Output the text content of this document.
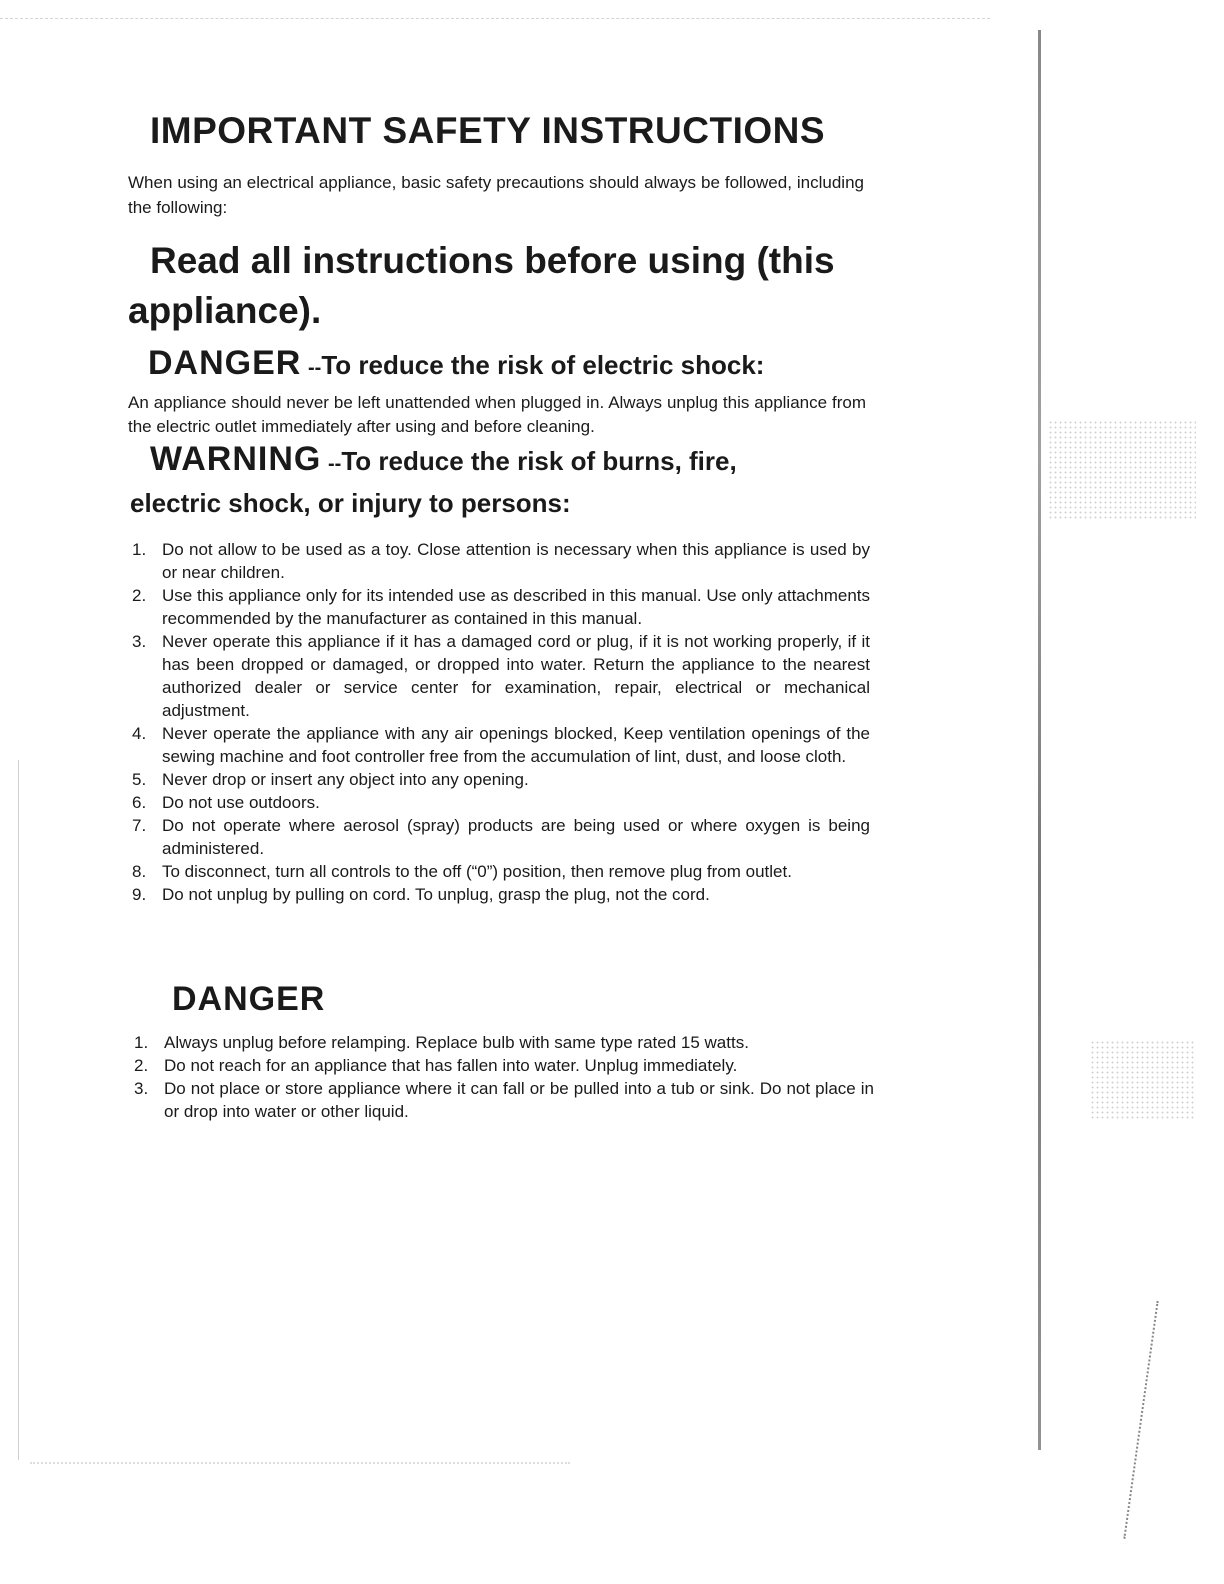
IMPORTANT SAFETY INSTRUCTIONS

When using an electrical appliance, basic safety precautions should always be followed, including the following:

Read all instructions before using (this appliance).

DANGER --To reduce the risk of electric shock:

An appliance should never be left unattended when plugged in. Always unplug this appliance from the electric outlet immediately after using and before cleaning.

WARNING --To reduce the risk of burns, fire,

electric shock, or injury to persons:

1. Do not allow to be used as a toy. Close attention is necessary when this appliance is used by or near children.
2. Use this appliance only for its intended use as described in this manual. Use only attachments recommended by the manufacturer as contained in this manual.
3. Never operate this appliance if it has a damaged cord or plug, if it is not working properly, if it has been dropped or damaged, or dropped into water. Return the appliance to the nearest authorized dealer or service center for examination, repair, electrical or mechanical adjustment.
4. Never operate the appliance with any air openings blocked, Keep ventilation openings of the sewing machine and foot controller free from the accumulation of lint, dust, and loose cloth.
5. Never drop or insert any object into any opening.
6. Do not use outdoors.
7. Do not operate where aerosol (spray) products are being used or where oxygen is being administered.
8. To disconnect, turn all controls to the off (“0”) position, then remove plug from outlet.
9. Do not unplug by pulling on cord. To unplug, grasp the plug, not the cord.
DANGER
1. Always unplug before relamping. Replace bulb with same type rated 15 watts.
2. Do not reach for an appliance that has fallen into water. Unplug immediately.
3. Do not place or store appliance where it can fall or be pulled into a tub or sink. Do not place in or drop into water or other liquid.
